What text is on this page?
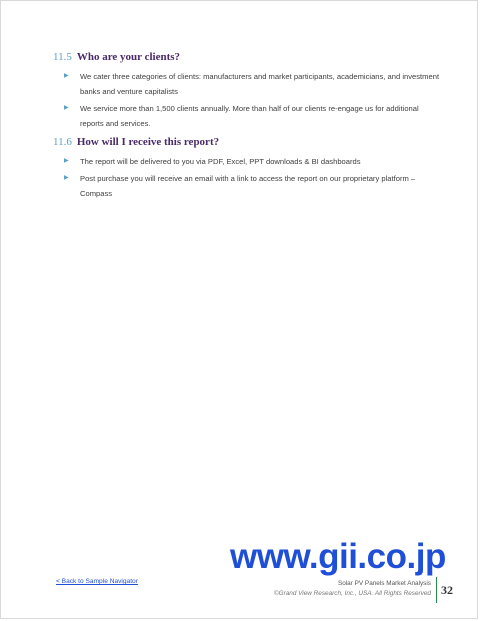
11.5 Who are your clients?
▶ We cater three categories of clients: manufacturers and market participants, academicians, and investment banks and venture capitalists
▶ We service more than 1,500 clients annually. More than half of our clients re-engage us for additional reports and services.
11.6 How will I receive this report?
▶ The report will be delivered to you via PDF, Excel, PPT downloads & BI dashboards
▶ Post purchase you will receive an email with a link to access the report on our proprietary platform – Compass
www.gii.co.jp
< Back to Sample Navigator	Solar PV Panels Market Analysis
©Grand View Research, Inc., USA. All Rights Reserved 32
